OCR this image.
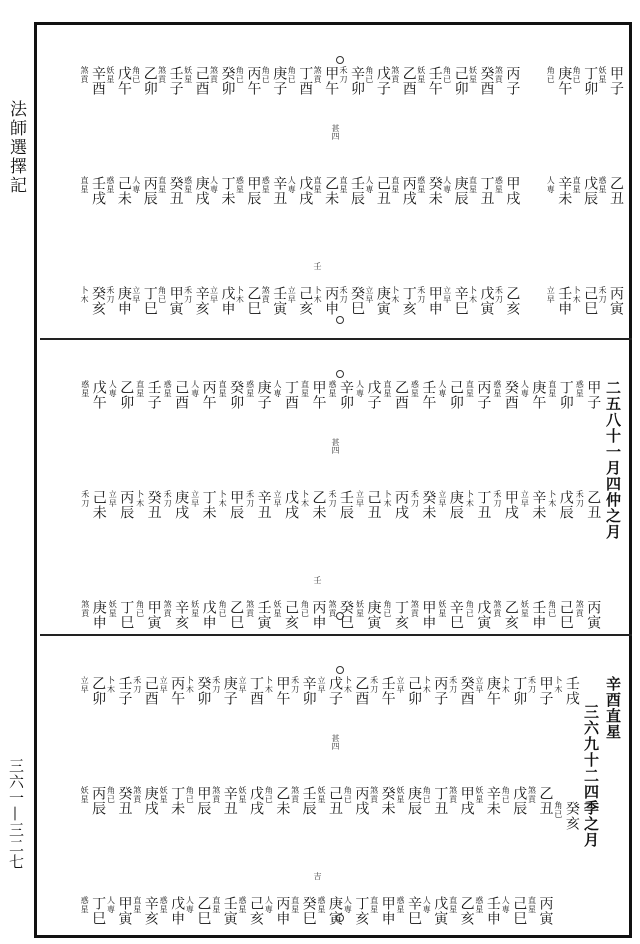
法師選擇記
三六一—三二七
妖星 甲子
惑星 乙丑
禾刀 丙寅
角已 丁卯
直星 戊辰
卜木 己巳
角已 庚午
人専 辛未
立早 壬申
煞貢 丙子
惑星 甲戌
禾刀 乙亥
妖星 癸酉
直星 丁丑
卜木 戊寅
角已 己卯
人専 庚辰
立早 辛巳
妖星 壬午
惑星 癸未
禾刀 甲申
煞貢 乙酉
直星 丙戌
卜木 丁亥
角已 戊子
人専 己丑
立早 庚寅
禾刀 辛卯
直星 壬辰
禾刀 癸巳
煞貢 甲午
直星 乙未
卜木 丙申
角已 丁酉
人専 戊戌
立早 己亥
角已 庚子
惑星 辛丑
煞貢 壬寅
角已 丙午
惑星 甲辰
卜木 乙巳
煞貢 癸卯
人専 丁未
立早 戊申
妖星 己酉
惑星 庚戌
禾刀 辛亥
煞貢 壬子
直星 癸丑
角已 甲寅
角已 乙卯
人専 丙辰
立早 丁巳
妖星 戊午
惑星 己未
禾刀 庚申
煞貢 辛酉
直星 壬戌
卜木 癸亥
甚四
壬
二五八十一月四仲之月
惑星 甲子
禾刀 乙丑
煞貢 丙寅
直星 丁卯
卜木 戊辰
角已 己巳
人専 庚午
立早 辛未
妖星 壬申
惑星 癸酉
禾刀 甲戌
煞貢 乙亥
直星 丙子
卜木 丁丑
角已 戊寅
人専 己卯
立早 庚辰
妖星 辛巳
惑星 壬午
禾刀 癸未
煞貢 甲申
直星 乙酉
卜木 丙戌
角已 丁亥
人専 戊子
立早 己丑
妖星 庚寅
惑星 辛卯
禾刀 壬辰
煞貢 癸巳
直星 甲午
卜木 乙未
角已 丙申
人専 丁酉
立早 戊戌
妖星 己亥
惑星 庚子
禾刀 辛丑
煞貢 壬寅
直星 癸卯
卜木 甲辰
角已 乙巳
人専 丙午
立早 丁未
妖星 戊申
惑星 己酉
禾刀 庚戌
煞貢 辛亥
直星 壬子
卜木 癸丑
角已 甲寅
人専 乙卯
立早 丙辰
妖星 丁巳
惑星 戊午
禾刀 己未
煞貢 庚申
甚四
壬
辛酉直星
三六九十二四季之月
卜木 壬戌
角已 癸亥
禾刀 甲子
煞貢 乙丑
直星 丙寅
卜木 丁卯
角已 戊辰
人専 己巳
立早 庚午
妖星 辛未
惑星 壬申
禾刀 癸酉
煞貢 甲戌
直星 乙亥
卜木 丙子
角已 丁丑
人専 戊寅
立早 己卯
妖星 庚辰
惑星 辛巳
禾刀 壬午
煞貢 癸未
直星 甲申
卜木 乙酉
角已 丙戌
人専 丁亥
立早 戊子
妖星 己丑
惑星 庚寅
禾刀 辛卯
煞貢 壬辰
直星 癸巳
卜木 甲午
角已 乙未
人専 丙申
立早 丁酉
妖星 戊戌
惑星 己亥
禾刀 庚子
煞貢 辛丑
直星 壬寅
卜木 癸卯
角已 甲辰
人専 乙巳
立早 丙午
妖星 丁未
惑星 戊申
禾刀 己酉
煞貢 庚戌
直星 辛亥
卜木 壬子
角已 癸丑
人専 甲寅
立早 乙卯
妖星 丙辰
惑星 丁巳
甚四
吉
